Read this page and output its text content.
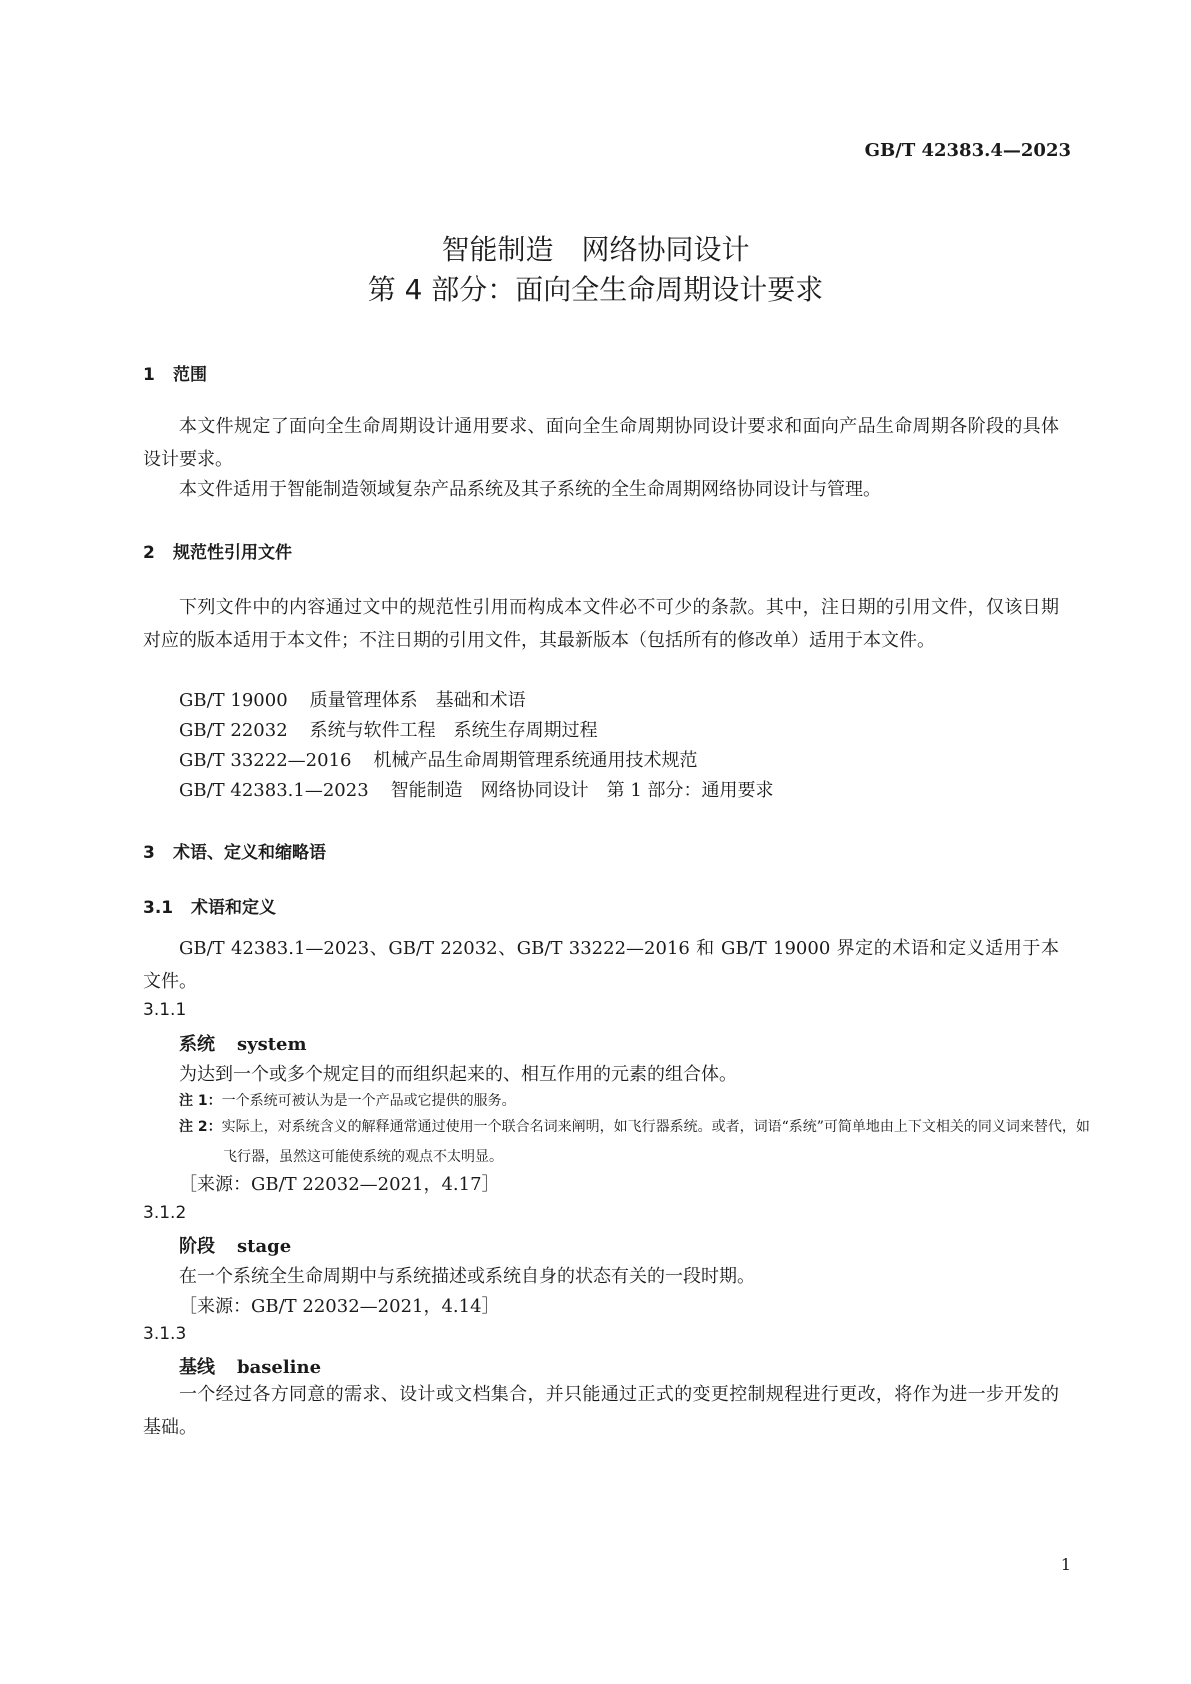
GB/T 42383.4—2023
智能制造　网络协同设计
第 4 部分：面向全生命周期设计要求
1 范围
本文件规定了面向全生命周期设计通用要求、面向全生命周期协同设计要求和面向产品生命周期各阶段的具体设计要求。
本文件适用于智能制造领域复杂产品系统及其子系统的全生命周期网络协同设计与管理。
2 规范性引用文件
下列文件中的内容通过文中的规范性引用而构成本文件必不可少的条款。其中，注日期的引用文件，仅该日期对应的版本适用于本文件；不注日期的引用文件，其最新版本（包括所有的修改单）适用于本文件。
GB/T 19000 质量管理体系　基础和术语
GB/T 22032 系统与软件工程　系统生存周期过程
GB/T 33222—2016 机械产品生命周期管理系统通用技术规范
GB/T 42383.1—2023 智能制造　网络协同设计　第 1 部分：通用要求
3 术语、定义和缩略语
3.1 术语和定义
GB/T 42383.1—2023、GB/T 22032、GB/T 33222—2016 和 GB/T 19000 界定的术语和定义适用于本文件。
3.1.1
系统 system
为达到一个或多个规定目的而组织起来的、相互作用的元素的组合体。
注 1：一个系统可被认为是一个产品或它提供的服务。
注 2：实际上，对系统含义的解释通常通过使用一个联合名词来阐明，如飞行器系统。或者，词语“系统”可简单地由上下文相关的同义词来替代，如飞行器，虽然这可能使系统的观点不太明显。
［来源：GB/T 22032—2021，4.17］
3.1.2
阶段 stage
在一个系统全生命周期中与系统描述或系统自身的状态有关的一段时期。
［来源：GB/T 22032—2021，4.14］
3.1.3
基线 baseline
一个经过各方同意的需求、设计或文档集合，并只能通过正式的变更控制规程进行更改，将作为进一步开发的基础。
1
